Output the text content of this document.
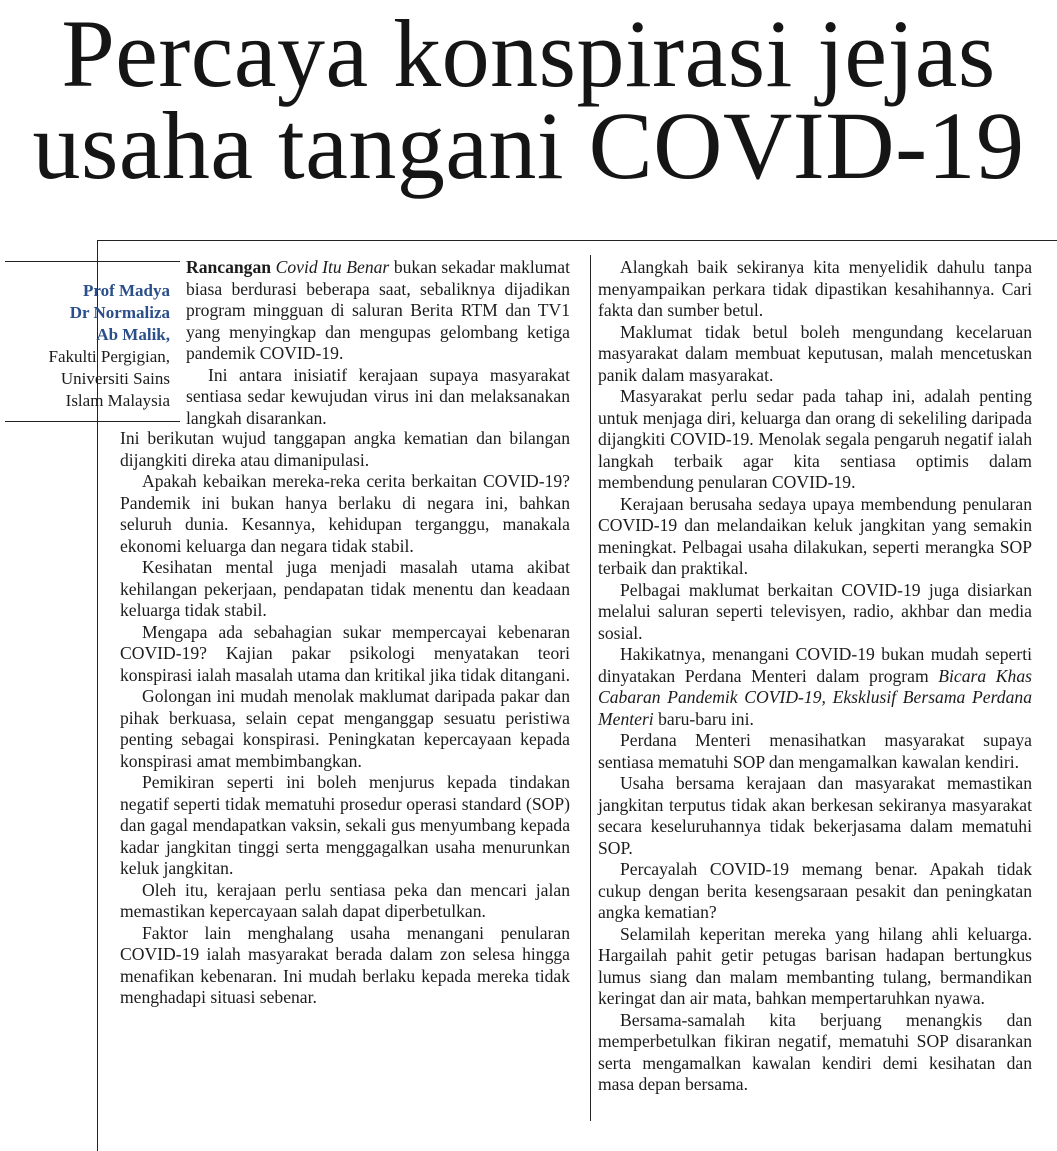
Percaya konspirasi jejas
usaha tangani COVID-19
Prof Madya
Dr Normaliza
Ab Malik,
Fakulti Pergigian,
Universiti Sains
Islam Malaysia

Rancangan Covid Itu Benar bukan sekadar maklumat biasa berdurasi beberapa saat, sebaliknya dijadikan program mingguan di saluran Berita RTM dan TV1 yang menyingkap dan mengupas gelombang ketiga pandemik COVID-19.

Ini antara inisiatif kerajaan supaya masyarakat sentiasa sedar kewujudan virus ini dan melaksanakan langkah disarankan.

Ini berikutan wujud tanggapan angka kematian dan bilangan dijangkiti direka atau dimanipulasi.

Apakah kebaikan mereka-reka cerita berkaitan COVID-19? Pandemik ini bukan hanya berlaku di negara ini, bahkan seluruh dunia. Kesannya, kehidupan terganggu, manakala ekonomi keluarga dan negara tidak stabil.

Kesihatan mental juga menjadi masalah utama akibat kehilangan pekerjaan, pendapatan tidak menentu dan keadaan keluarga tidak stabil.

Mengapa ada sebahagian sukar mempercayai kebenaran COVID-19? Kajian pakar psikologi menyatakan teori konspirasi ialah masalah utama dan kritikal jika tidak ditangani.

Golongan ini mudah menolak maklumat daripada pakar dan pihak berkuasa, selain cepat menganggap sesuatu peristiwa penting sebagai konspirasi. Peningkatan kepercayaan kepada konspirasi amat membimbangkan.

Pemikiran seperti ini boleh menjurus kepada tindakan negatif seperti tidak mematuhi prosedur operasi standard (SOP) dan gagal mendapatkan vaksin, sekali gus menyumbang kepada kadar jangkitan tinggi serta menggagalkan usaha menurunkan keluk jangkitan.

Oleh itu, kerajaan perlu sentiasa peka dan mencari jalan memastikan kepercayaan salah dapat diperbetulkan.

Faktor lain menghalang usaha menangani penularan COVID-19 ialah masyarakat berada dalam zon selesa hingga menafikan kebenaran. Ini mudah berlaku kepada mereka tidak menghadapi situasi sebenar.

Alangkah baik sekiranya kita menyelidik dahulu tanpa menyampaikan perkara tidak dipastikan kesahihannya. Cari fakta dan sumber betul.

Maklumat tidak betul boleh mengundang kecelaruan masyarakat dalam membuat keputusan, malah mencetuskan panik dalam masyarakat.

Masyarakat perlu sedar pada tahap ini, adalah penting untuk menjaga diri, keluarga dan orang di sekeliling daripada dijangkiti COVID-19. Menolak segala pengaruh negatif ialah langkah terbaik agar kita sentiasa optimis dalam membendung penularan COVID-19.

Kerajaan berusaha sedaya upaya membendung penularan COVID-19 dan melandaikan keluk jangkitan yang semakin meningkat. Pelbagai usaha dilakukan, seperti merangka SOP terbaik dan praktikal.

Pelbagai maklumat berkaitan COVID-19 juga disiarkan melalui saluran seperti televisyen, radio, akhbar dan media sosial.

Hakikatnya, menangani COVID-19 bukan mudah seperti dinyatakan Perdana Menteri dalam program Bicara Khas Cabaran Pandemik COVID-19, Eksklusif Bersama Perdana Menteri baru-baru ini.

Perdana Menteri menasihatkan masyarakat supaya sentiasa mematuhi SOP dan mengamalkan kawalan kendiri.

Usaha bersama kerajaan dan masyarakat memastikan jangkitan terputus tidak akan berkesan sekiranya masyarakat secara keseluruhannya tidak bekerjasama dalam mematuhi SOP.

Percayalah COVID-19 memang benar. Apakah tidak cukup dengan berita kesengsaraan pesakit dan peningkatan angka kematian?

Selamilah keperitan mereka yang hilang ahli keluarga. Hargailah pahit getir petugas barisan hadapan bertungkus lumus siang dan malam membanting tulang, bermandikan keringat dan air mata, bahkan mempertaruhkan nyawa.

Bersama-samalah kita berjuang menangkis dan memperbetulkan fikiran negatif, mematuhi SOP disarankan serta mengamalkan kawalan kendiri demi kesihatan dan masa depan bersama.
